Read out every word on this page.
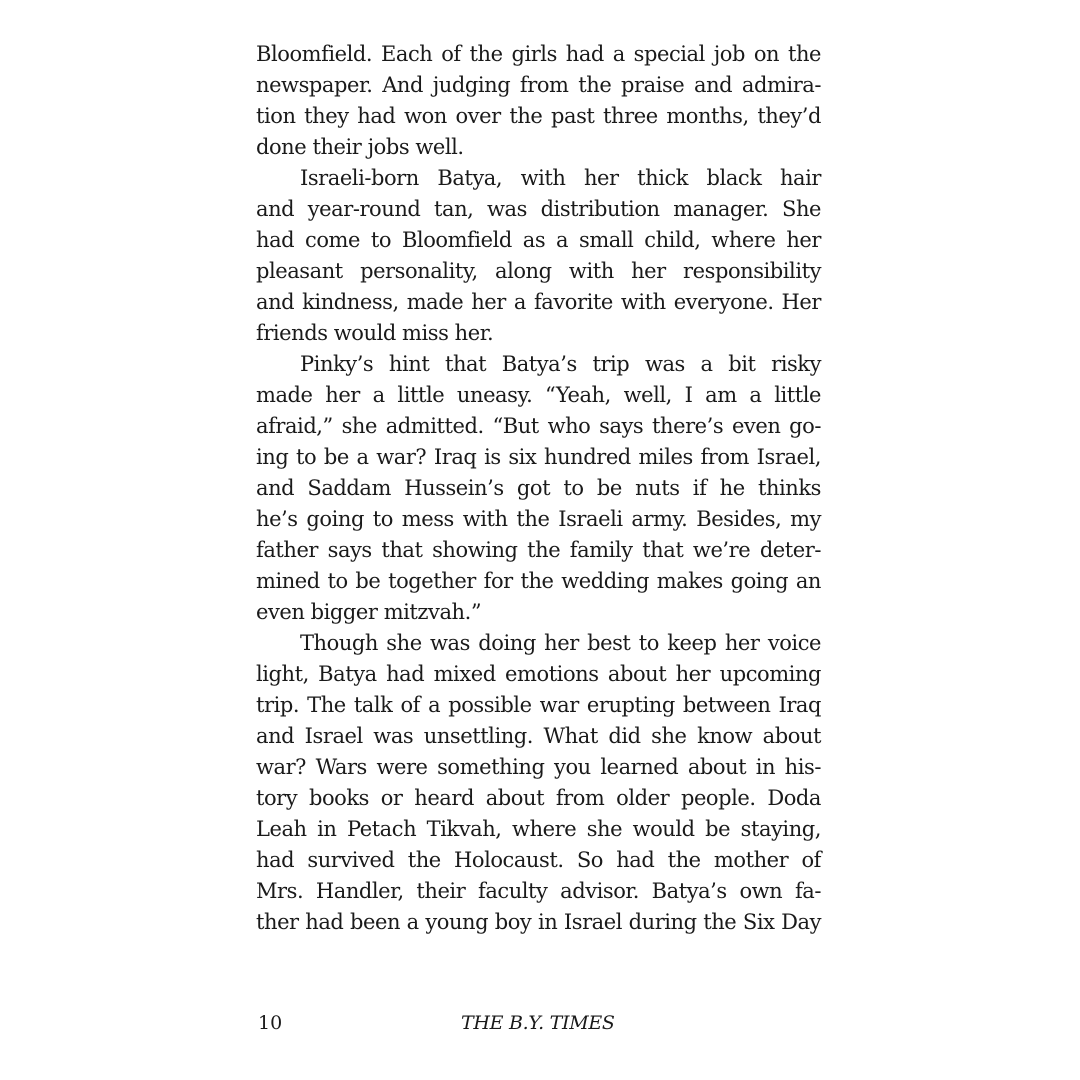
Bloomfield. Each of the girls had a special job on the
newspaper. And judging from the praise and admira-
tion they had won over the past three months, they’d
done their jobs well.
Israeli-born Batya, with her thick black hair
and year-round tan, was distribution manager. She
had come to Bloomfield as a small child, where her
pleasant personality, along with her responsibility
and kindness, made her a favorite with everyone. Her
friends would miss her.
Pinky’s hint that Batya’s trip was a bit risky
made her a little uneasy. “Yeah, well, I am a little
afraid,” she admitted. “But who says there’s even go-
ing to be a war? Iraq is six hundred miles from Israel,
and Saddam Hussein’s got to be nuts if he thinks
he’s going to mess with the Israeli army. Besides, my
father says that showing the family that we’re deter-
mined to be together for the wedding makes going an
even bigger mitzvah.”
Though she was doing her best to keep her voice
light, Batya had mixed emotions about her upcoming
trip. The talk of a possible war erupting between Iraq
and Israel was unsettling. What did she know about
war? Wars were something you learned about in his-
tory books or heard about from older people. Doda
Leah in Petach Tikvah, where she would be staying,
had survived the Holocaust. So had the mother of
Mrs. Handler, their faculty advisor. Batya’s own fa-
ther had been a young boy in Israel during the Six Day
10	THE B.Y. TIMES
